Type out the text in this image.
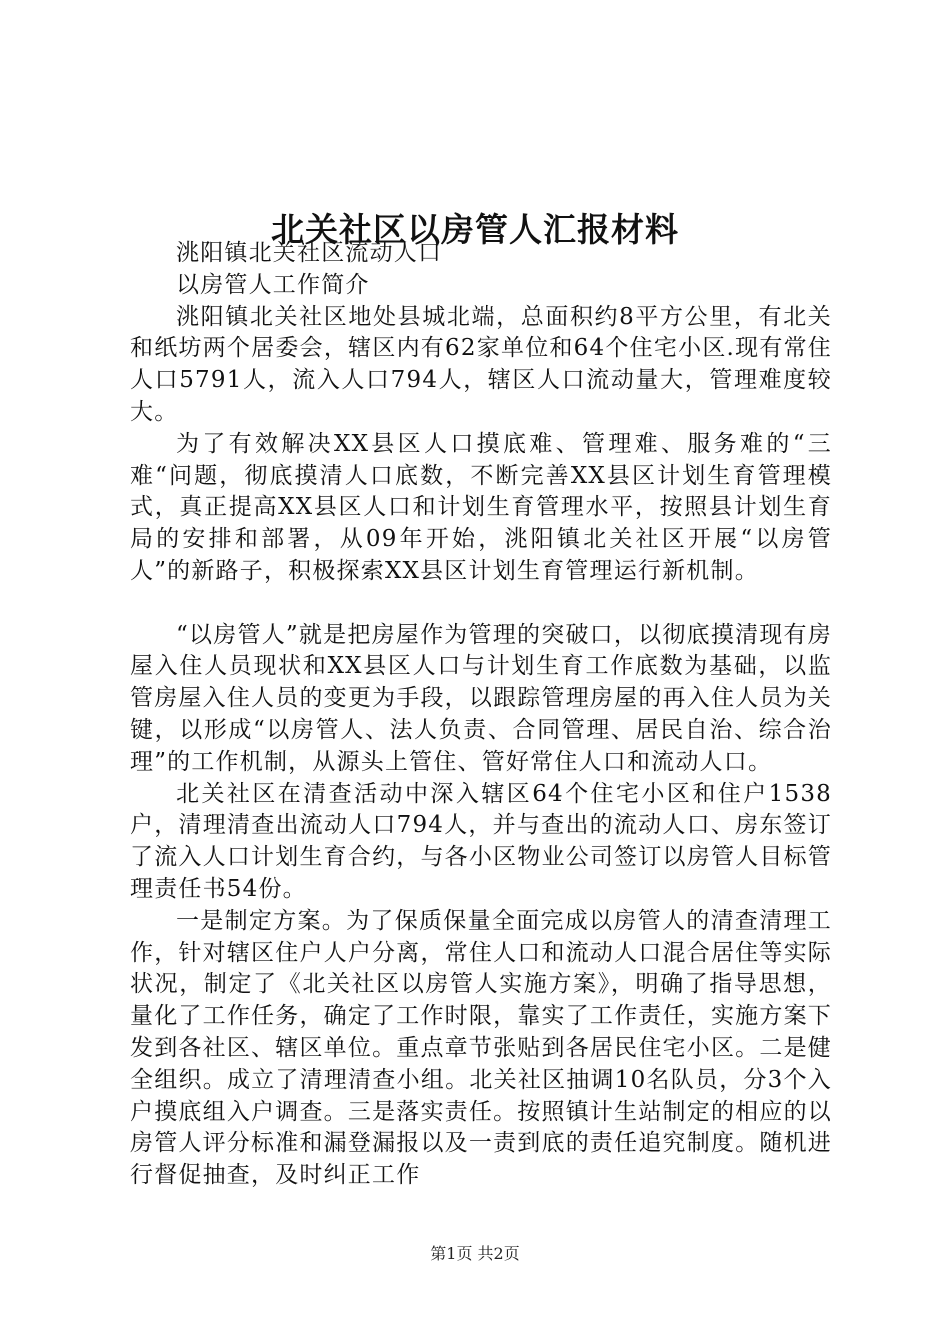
北关社区以房管人汇报材料

洮阳镇北关社区流动人口

以房管人工作简介

洮阳镇北关社区地处县城北端，总面积约8平方公里，有北关和纸坊两个居委会，辖区内有62家单位和64个住宅小区.现有常住人口5791人，流入人口794人，辖区人口流动量大，管理难度较大。

为了有效解决XX县区人口摸底难、管理难、服务难的“三难“问题，彻底摸清人口底数，不断完善XX县区计划生育管理模式，真正提高XX县区人口和计划生育管理水平，按照县计划生育局的安排和部署，从09年开始，洮阳镇北关社区开展“以房管人”的新路子，积极探索XX县区计划生育管理运行新机制。

“以房管人”就是把房屋作为管理的突破口，以彻底摸清现有房屋入住人员现状和XX县区人口与计划生育工作底数为基础，以监管房屋入住人员的变更为手段，以跟踪管理房屋的再入住人员为关键，以形成“以房管人、法人负责、合同管理、居民自治、综合治理”的工作机制，从源头上管住、管好常住人口和流动人口。

北关社区在清查活动中深入辖区64个住宅小区和住户1538户，清理清查出流动人口794人，并与查出的流动人口、房东签订了流入人口计划生育合约，与各小区物业公司签订以房管人目标管理责任书54份。

一是制定方案。为了保质保量全面完成以房管人的清查清理工作，针对辖区住户人户分离，常住人口和流动人口混合居住等实际状况，制定了《北关社区以房管人实施方案》，明确了指导思想，量化了工作任务，确定了工作时限，靠实了工作责任，实施方案下发到各社区、辖区单位。重点章节张贴到各居民住宅小区。二是健全组织。成立了清理清查小组。北关社区抽调10名队员，分3个入户摸底组入户调查。三是落实责任。按照镇计生站制定的相应的以房管人评分标准和漏登漏报以及一责到底的责任追究制度。随机进行督促抽查，及时纠正工作

第1页 共2页
